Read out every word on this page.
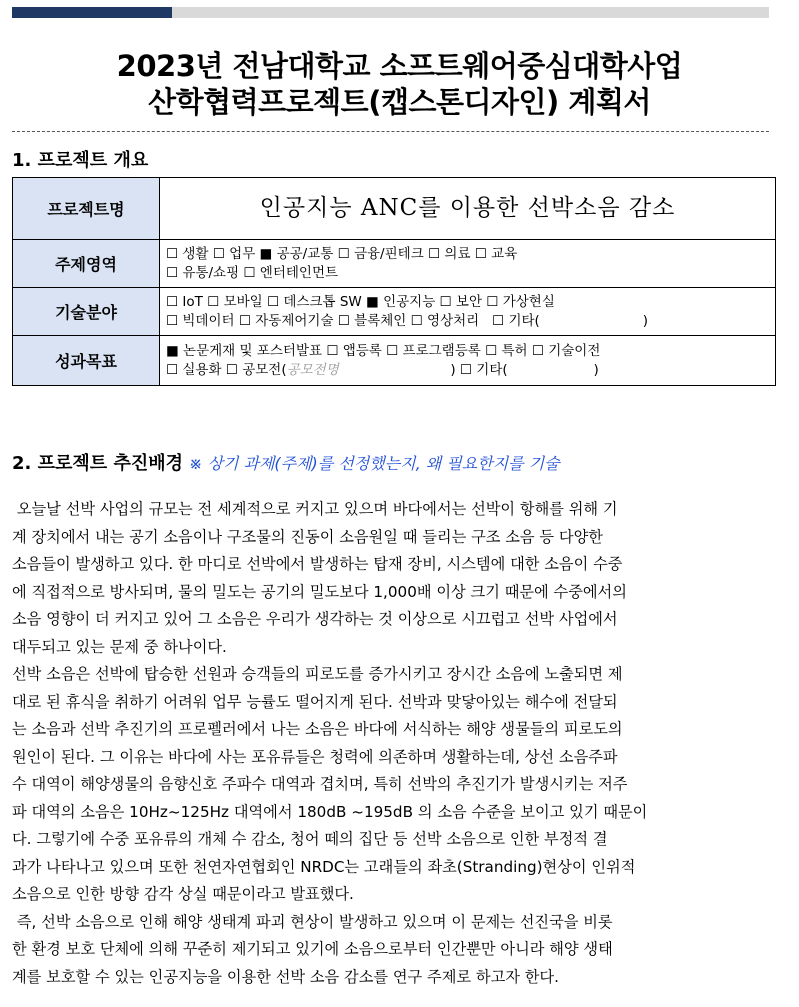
2023년 전남대학교 소프트웨어중심대학사업
산학협력프로젝트(캡스톤디자인) 계획서
1. 프로젝트 개요
프로젝트명	인공지능 ANC를 이용한 선박소음 감소
주제영역	☐ 생활 ☐ 업무 ■ 공공/교통 ☐ 금융/핀테크 ☐ 의료 ☐ 교육
☐ 유통/쇼핑 ☐ 엔터테인먼트

기술분야	☐ IoT ☐ 모바일 ☐ 데스크톱 SW ■ 인공지능 ☐ 보안 ☐ 가상현실
☐ 빅데이터 ☐ 자동제어기술 ☐ 블록체인 ☐ 영상처리   ☐ 기타(                        )

성과목표	■ 논문게재 및 포스터발표 ☐ 앱등록 ☐ 프로그램등록 ☐ 특허 ☐ 기술이전
☐ 실용화 ☐ 공모전(공모전명                          ) ☐ 기타(                    )
2. 프로젝트 추진배경 ※ 상기 과제(주제)를 선정했는지, 왜 필요한지를 기술
오늘날 선박 사업의 규모는 전 세계적으로 커지고 있으며 바다에서는 선박이 항해를 위해 기
계 장치에서 내는 공기 소음이나 구조물의 진동이 소음원일 때 들리는 구조 소음 등 다양한
소음들이 발생하고 있다. 한 마디로 선박에서 발생하는 탑재 장비, 시스템에 대한 소음이 수중
에 직접적으로 방사되며, 물의 밀도는 공기의 밀도보다 1,000배 이상 크기 때문에 수중에서의
소음 영향이 더 커지고 있어 그 소음은 우리가 생각하는 것 이상으로 시끄럽고 선박 사업에서
대두되고 있는 문제 중 하나이다.
선박 소음은 선박에 탑승한 선원과 승객들의 피로도를 증가시키고 장시간 소음에 노출되면 제
대로 된 휴식을 취하기 어려워 업무 능률도 떨어지게 된다. 선박과 맞닿아있는 해수에 전달되
는 소음과 선박 추진기의 프로펠러에서 나는 소음은 바다에 서식하는 해양 생물들의 피로도의
원인이 된다. 그 이유는 바다에 사는 포유류들은 청력에 의존하며 생활하는데, 상선 소음주파
수 대역이 해양생물의 음향신호 주파수 대역과 겹치며, 특히 선박의 추진기가 발생시키는 저주
파 대역의 소음은 10Hz~125Hz 대역에서 180dB ~195dB 의 소음 수준을 보이고 있기 때문이
다. 그렇기에 수중 포유류의 개체 수 감소, 청어 떼의 집단 등 선박 소음으로 인한 부정적 결
과가 나타나고 있으며 또한 천연자연협회인 NRDC는 고래들의 좌초(Stranding)현상이 인위적
소음으로 인한 방향 감각 상실 때문이라고 발표했다.
즉, 선박 소음으로 인해 해양 생태계 파괴 현상이 발생하고 있으며 이 문제는 선진국을 비롯
한 환경 보호 단체에 의해 꾸준히 제기되고 있기에 소음으로부터 인간뿐만 아니라 해양 생태
계를 보호할 수 있는 인공지능을 이용한 선박 소음 감소를 연구 주제로 하고자 한다.
